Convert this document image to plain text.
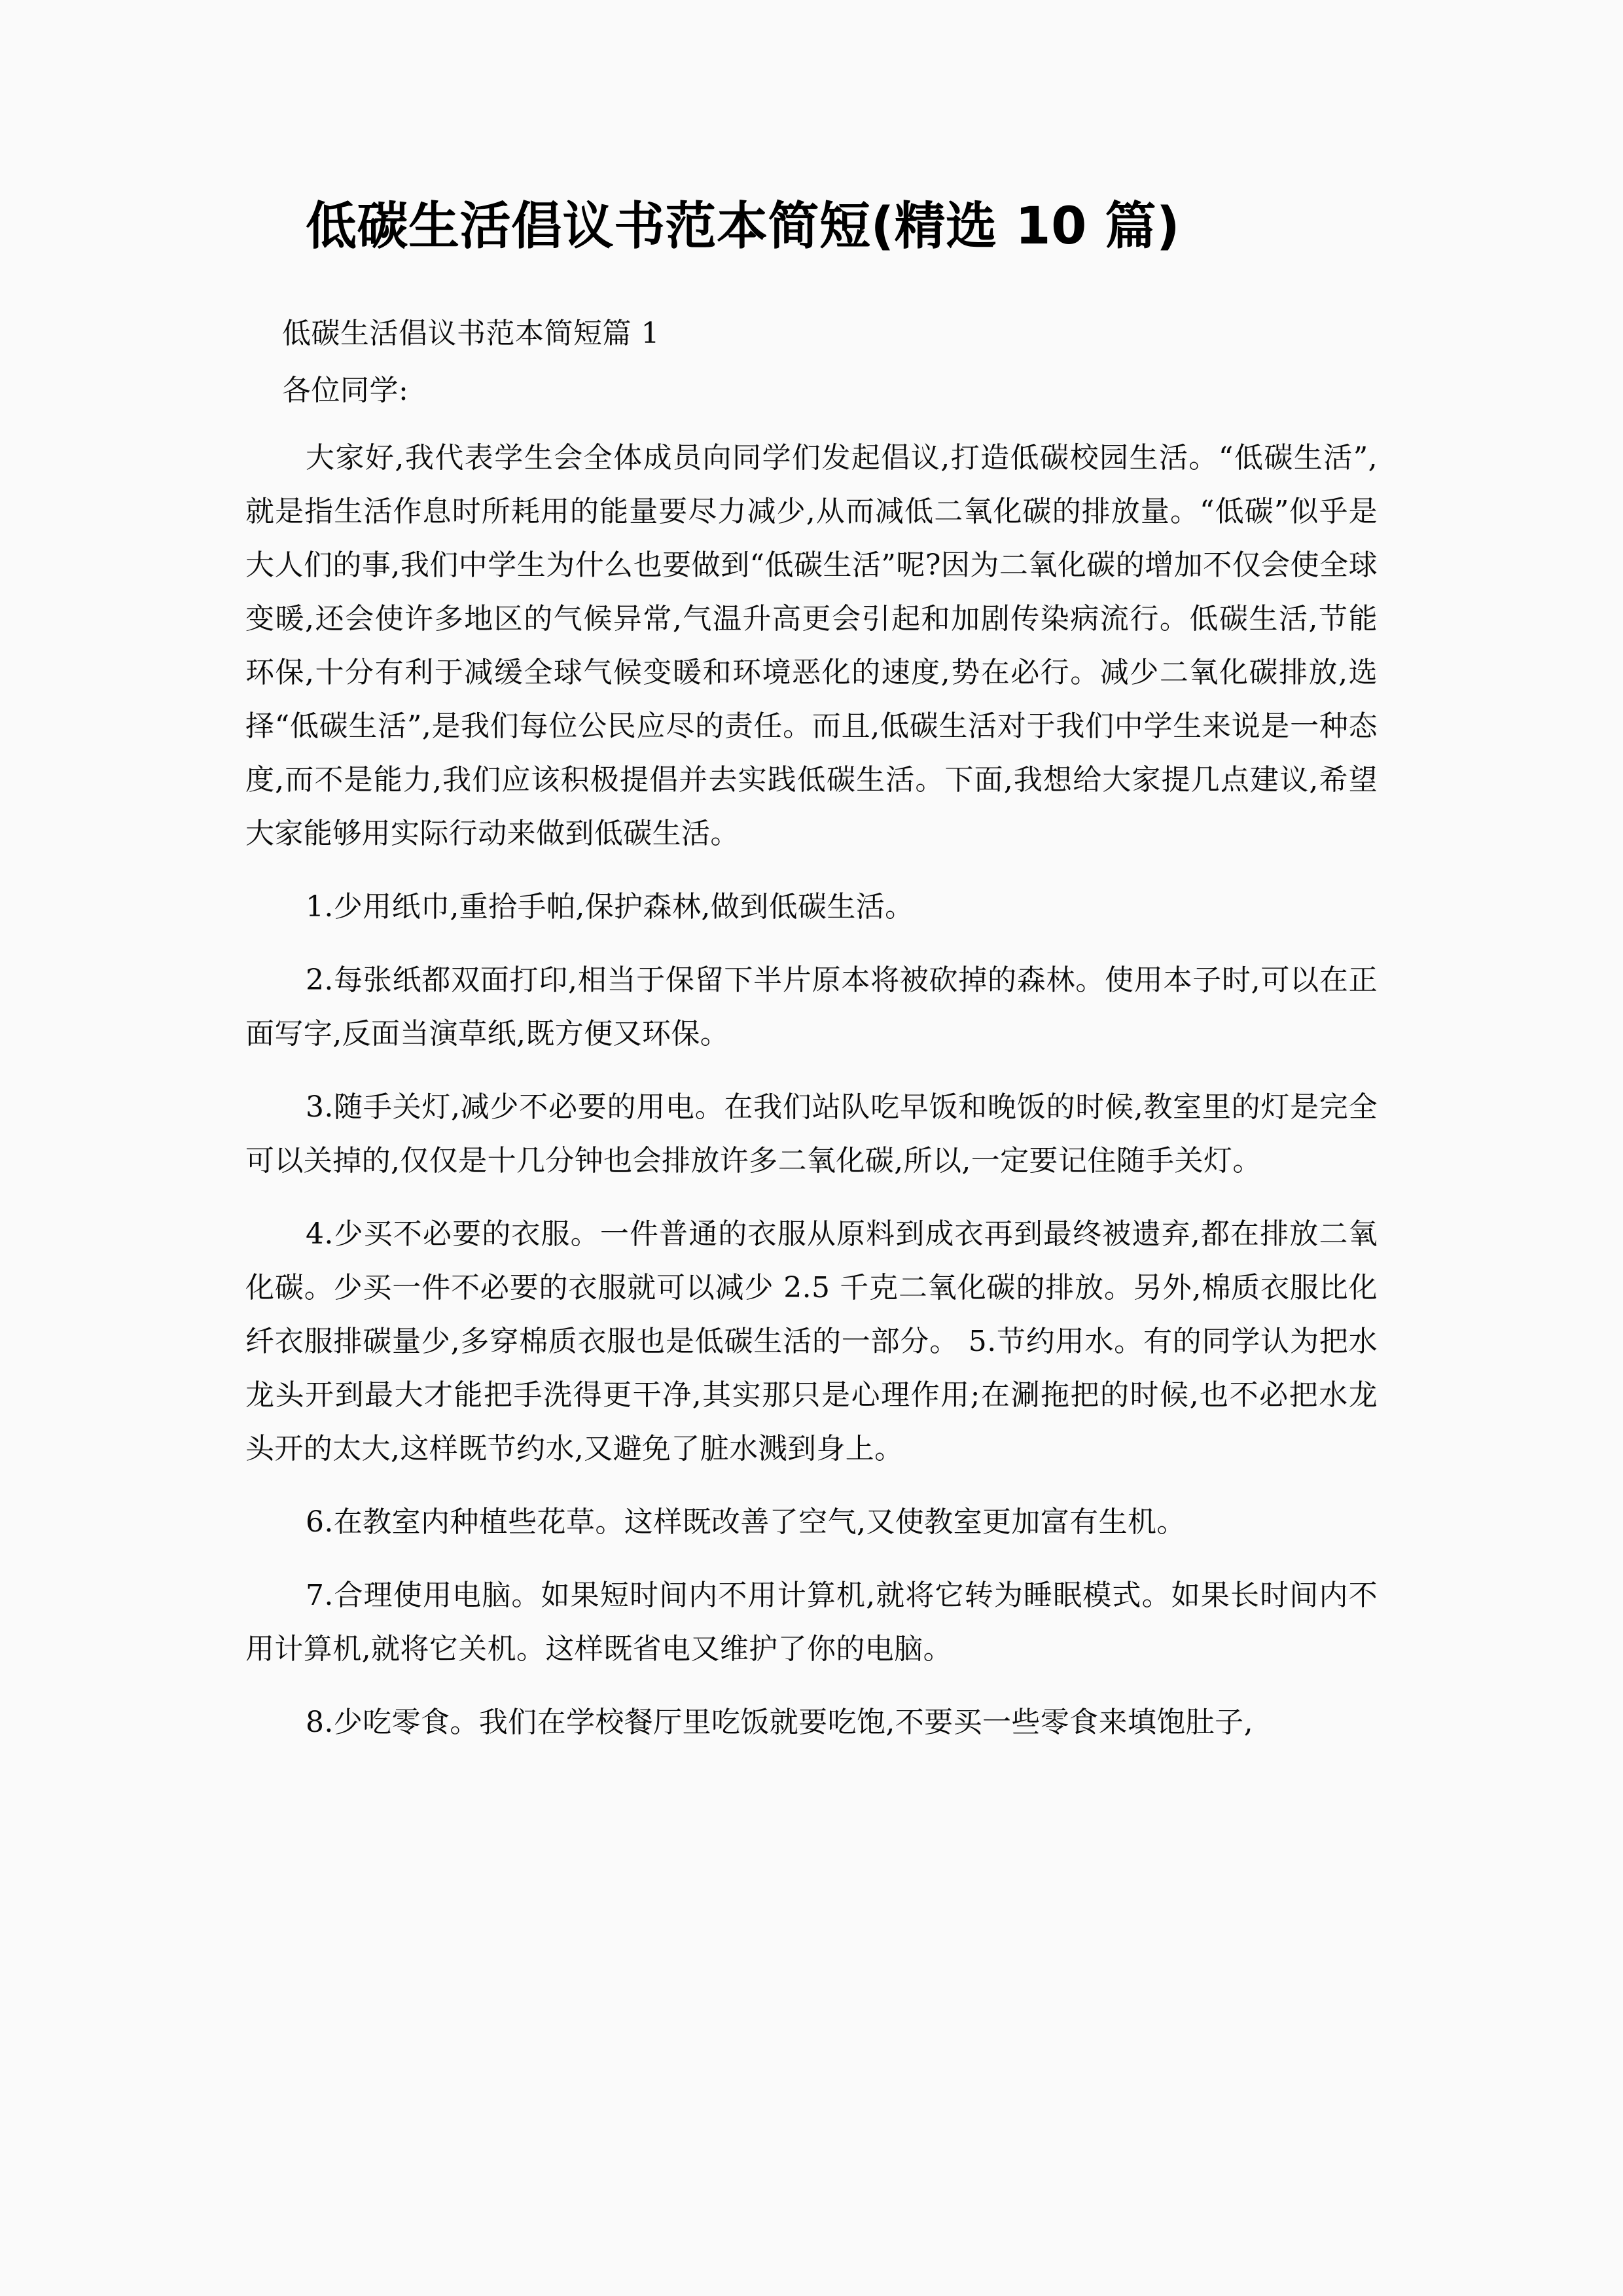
低碳生活倡议书范本简短(精选 10 篇)

低碳生活倡议书范本简短篇 1

各位同学:

大家好,我代表学生会全体成员向同学们发起倡议,打造低碳校园生活。“低碳生活”,就是指生活作息时所耗用的能量要尽力减少,从而减低二氧化碳的排放量。“低碳”似乎是大人们的事,我们中学生为什么也要做到“低碳生活”呢?因为二氧化碳的增加不仅会使全球变暖,还会使许多地区的气候异常,气温升高更会引起和加剧传染病流行。低碳生活,节能环保,十分有利于减缓全球气候变暖和环境恶化的速度,势在必行。减少二氧化碳排放,选择“低碳生活”,是我们每位公民应尽的责任。而且,低碳生活对于我们中学生来说是一种态度,而不是能力,我们应该积极提倡并去实践低碳生活。下面,我想给大家提几点建议,希望大家能够用实际行动来做到低碳生活。

1.少用纸巾,重拾手帕,保护森林,做到低碳生活。

2.每张纸都双面打印,相当于保留下半片原本将被砍掉的森林。使用本子时,可以在正面写字,反面当演草纸,既方便又环保。

3.随手关灯,减少不必要的用电。在我们站队吃早饭和晚饭的时候,教室里的灯是完全可以关掉的,仅仅是十几分钟也会排放许多二氧化碳,所以,一定要记住随手关灯。

4.少买不必要的衣服。一件普通的衣服从原料到成衣再到最终被遗弃,都在排放二氧化碳。少买一件不必要的衣服就可以减少 2.5 千克二氧化碳的排放。另外,棉质衣服比化纤衣服排碳量少,多穿棉质衣服也是低碳生活的一部分。 5.节约用水。有的同学认为把水龙头开到最大才能把手洗得更干净,其实那只是心理作用;在涮拖把的时候,也不必把水龙头开的太大,这样既节约水,又避免了脏水溅到身上。

6.在教室内种植些花草。这样既改善了空气,又使教室更加富有生机。

7.合理使用电脑。如果短时间内不用计算机,就将它转为睡眠模式。如果长时间内不用计算机,就将它关机。这样既省电又维护了你的电脑。

8.少吃零食。我们在学校餐厅里吃饭就要吃饱,不要买一些零食来填饱肚子,
